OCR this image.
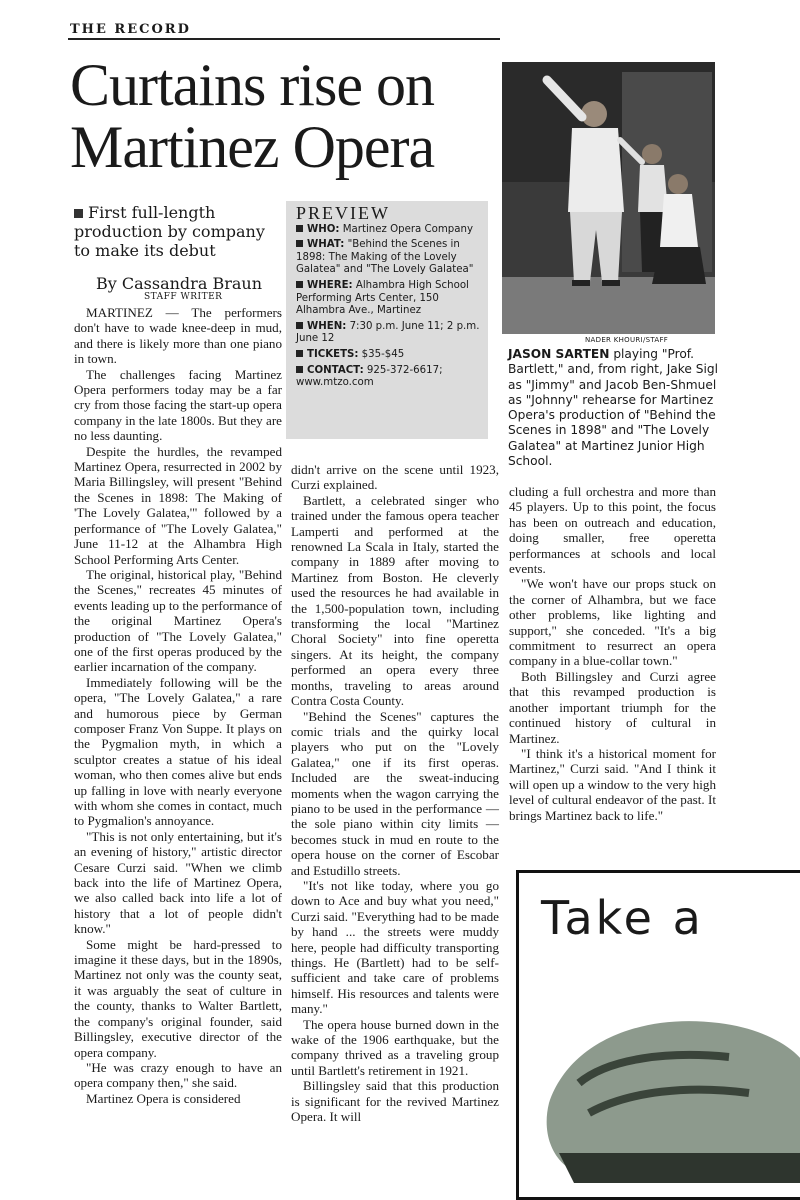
THE RECORD
Curtains rise on Martinez Opera
First full-length production by company to make its debut
By Cassandra Braun
STAFF WRITER

MARTINEZ — The performers don't have to wade knee-deep in mud, and there is likely more than one piano in town.

The challenges facing Martinez Opera performers today may be a far cry from those facing the start-up opera company in the late 1800s. But they are no less daunting.

Despite the hurdles, the revamped Martinez Opera, resurrected in 2002 by Maria Billingsley, will present "Behind the Scenes in 1898: The Making of 'The Lovely Galatea,'" followed by a performance of "The Lovely Galatea," June 11-12 at the Alhambra High School Performing Arts Center.

The original, historical play, "Behind the Scenes," recreates 45 minutes of events leading up to the performance of the original Martinez Opera's production of "The Lovely Galatea," one of the first operas produced by the earlier incarnation of the company.

Immediately following will be the opera, "The Lovely Galatea," a rare and humorous piece by German composer Franz Von Suppe. It plays on the Pygmalion myth, in which a sculptor creates a statue of his ideal woman, who then comes alive but ends up falling in love with nearly everyone with whom she comes in contact, much to Pygmalion's annoyance.

"This is not only entertaining, but it's an evening of history," artistic director Cesare Curzi said. "When we climb back into the life of Martinez Opera, we also called back into life a lot of history that a lot of people didn't know."

Some might be hard-pressed to imagine it these days, but in the 1890s, Martinez not only was the county seat, it was arguably the seat of culture in the county, thanks to Walter Bartlett, the company's original founder, said Billingsley, executive director of the opera company.

"He was crazy enough to have an opera company then," she said.

Martinez Opera is considered

didn't arrive on the scene until 1923, Curzi explained.

Bartlett, a celebrated singer who trained under the famous opera teacher Lamperti and performed at the renowned La Scala in Italy, started the company in 1889 after moving to Martinez from Boston. He cleverly used the resources he had available in the 1,500-population town, including transforming the local "Martinez Choral Society" into fine operetta singers. At its height, the company performed an opera every three months, traveling to areas around Contra Costa County.

"Behind the Scenes" captures the comic trials and the quirky local players who put on the "Lovely Galatea," one if its first operas. Included are the sweat-inducing moments when the wagon carrying the piano to be used in the performance — the sole piano within city limits — becomes stuck in mud en route to the opera house on the corner of Escobar and Estudillo streets.

"It's not like today, where you go down to Ace and buy what you need," Curzi said. "Everything had to be made by hand ... the streets were muddy here, people had difficulty transporting things. He (Bartlett) had to be self-sufficient and take care of problems himself. His resources and talents were many."

The opera house burned down in the wake of the 1906 earthquake, but the company thrived as a traveling group until Bartlett's retirement in 1921.

Billingsley said that this production is significant for the revived Martinez Opera. It will

cluding a full orchestra and more than 45 players. Up to this point, the focus has been on outreach and education, doing smaller, free operetta performances at schools and local events.

"We won't have our props stuck on the corner of Alhambra, but we face other problems, like lighting and support," she conceded. "It's a big commitment to resurrect an opera company in a blue-collar town."

Both Billingsley and Curzi agree that this revamped production is another important triumph for the continued history of cultural in Martinez.

"I think it's a historical moment for Martinez," Curzi said. "And I think it will open up a window to the very high level of cultural endeavor of the past. It brings Martinez back to life."

PREVIEW
WHO: Martinez Opera Company
WHAT: "Behind the Scenes in 1898: The Making of the Lovely Galatea" and "The Lovely Galatea"
WHERE: Alhambra High School Performing Arts Center, 150 Alhambra Ave., Martinez
WHEN: 7:30 p.m. June 11; 2 p.m. June 12
TICKETS: $35-$45
CONTACT: 925-372-6617; www.mtzo.com
NADER KHOURI/STAFF
JASON SARTEN playing "Prof. Bartlett," and, from right, Jake Sigl as "Jimmy" and Jacob Ben-Shmuel as "Johnny" rehearse for Martinez Opera's production of "Behind the Scenes in 1898" and "The Lovely Galatea" at Martinez Junior High School.
Take a
